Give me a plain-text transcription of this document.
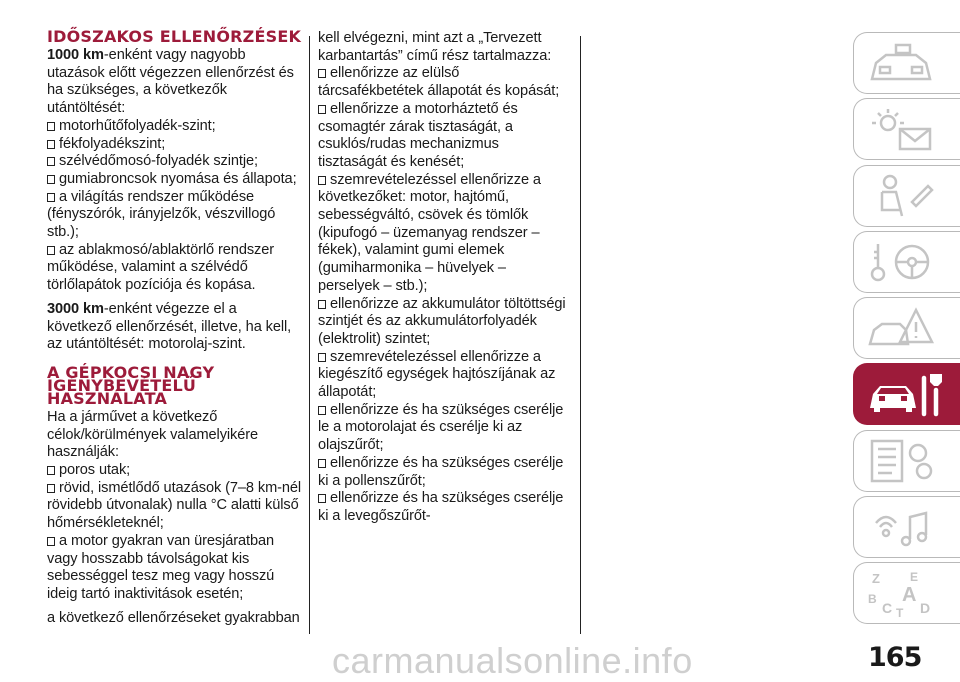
IDŐSZAKOS ELLENŐRZÉSEK

1000 km-enként vagy nagyobb utazások előtt végezzen ellenőrzést és ha szükséges, a következők utántöltését:

motorhűtőfolyadék-szint;

fékfolyadékszint;

szélvédőmosó-folyadék szintje;

gumiabroncsok nyomása és állapota;

a világítás rendszer működése (fényszórók, irányjelzők, vészvillogó stb.);

az ablakmosó/ablaktörlő rendszer működése, valamint a szélvédő törlőlapátok pozíciója és kopása.

3000 km-enként végezze el a következő ellenőrzését, illetve, ha kell, az utántöltését: motorolaj-szint.

A GÉPKOCSI NAGY IGÉNYBEVÉTELŰ HASZNÁLATA

Ha a járművet a következő célok/körülmények valamelyikére használják:

poros utak;

rövid, ismétlődő utazások (7–8 km-nél rövidebb útvonalak) nulla °C alatti külső hőmérsékleteknél;

a motor gyakran van üresjáratban vagy hosszabb távolságokat kis sebességgel tesz meg vagy hosszú ideig tartó inaktivitások esetén;

a következő ellenőrzéseket gyakrabban

kell elvégezni, mint azt a „Tervezett karbantartás” című rész tartalmazza:

ellenőrizze az elülső tárcsafékbetétek állapotát és kopását;

ellenőrizze a motorháztető és csomagtér zárak tisztaságát, a csuklós/rudas mechanizmus tisztaságát és kenését;

szemrevételezéssel ellenőrizze a következőket: motor, hajtómű, sebességváltó, csövek és tömlők (kipufogó – üzemanyag rendszer – fékek), valamint gumi elemek (gumiharmonika – hüvelyek – perselyek – stb.);

ellenőrizze az akkumulátor töltöttségi szintjét és az akkumulátorfolyadék (elektrolit) szintet;

szemrevételezéssel ellenőrizze a kiegészítő egységek hajtószíjának az állapotát;

ellenőrizze és ha szükséges cserélje le a motorolajat és cserélje ki az olajszűrőt;

ellenőrizze és ha szükséges cserélje ki a pollenszűrőt;

ellenőrizze és ha szükséges cserélje ki a levegőszűrőt-

Z	E
B A
C D
T
carmanualsonline.info	165
